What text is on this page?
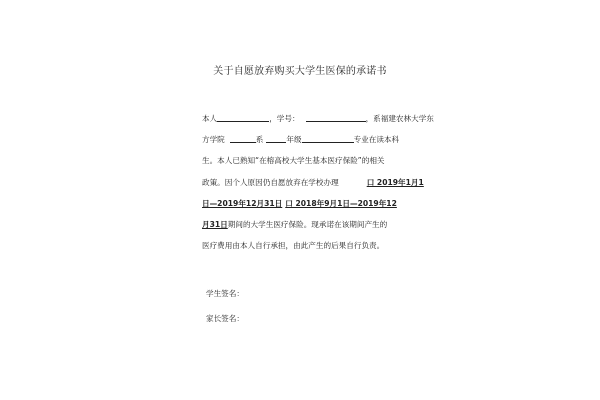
关于自愿放弃购买大学生医保的承诺书
本人	，学号：	，系福建农林大学东
方学院	系	年级	专业在读本科
生。本人已熟知“在榕高校大学生基本医疗保险”的相关
政策。因个人原因仍自愿放弃在学校办理	口 2019年1月1
日—2019年12月31日 口 2018年9月1日—2019年12
月31日期间的大学生医疗保险。现承诺在该期间产生的
医疗费用由本人自行承担，由此产生的后果自行负责。
学生签名：
家长签名：
